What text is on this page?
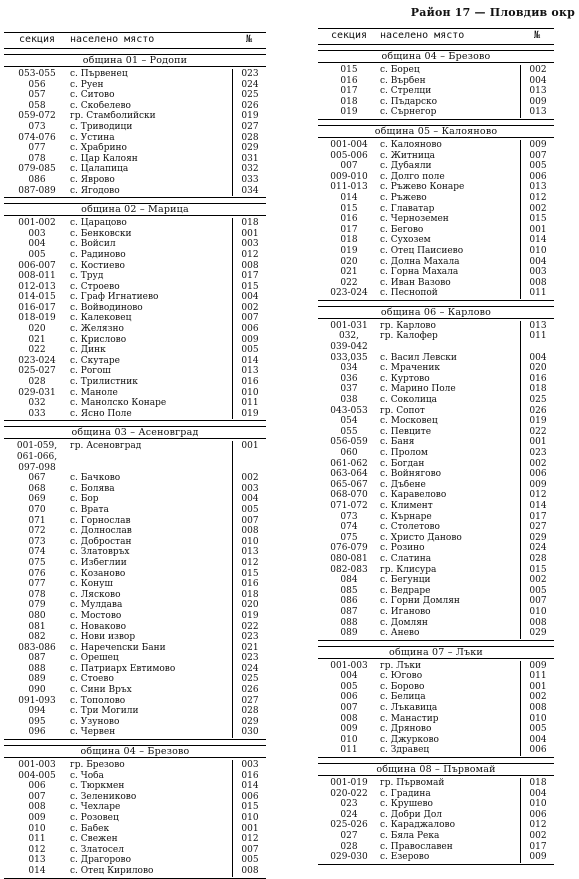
Район 17 — Пловдив окр
секция	населено място	№
община 01 – Родопи
053-055	с. Първенец	023
056	с. Руен	024
057	с. Ситово	025
058	с. Скобелево	026
059-072	гр. Стамболийски	019
073	с. Триводици	027
074-076	с. Устина	028
077	с. Храбрино	029
078	с. Цар Калоян	031
079-085	с. Цалапица	032
086	с. Яврово	033
087-089	с. Ягодово	034
община 02 – Марица
001-002	с. Царацово	018
003	с. Бенковски	001
004	с. Войсил	003
005	с. Радиново	012
006-007	с. Костиево	008
008-011	с. Труд	017
012-013	с. Строево	015
014-015	с. Граф Игнатиево	004
016-017	с. Войводиново	002
018-019	с. Калековец	007
020	с. Желязно	006
021	с. Крислово	009
022	с. Динк	005
023-024	с. Скутаре	014
025-027	с. Рогош	013
028	с. Трилистник	016
029-031	с. Маноле	010
032	с. Манолско Конаре	011
033	с. Ясно Поле	019
община 03 – Асеновград
001-059,	гр. Асеновград	001
061-066,
097-098
067	с. Бачково	002
068	с. Болява	003
069	с. Бор	004
070	с. Врата	005
071	с. Горнослав	007
072	с. Долнослав	008
073	с. Добростан	010
074	с. Златовръх	013
075	с. Избеглии	012
076	с. Козаново	015
077	с. Конуш	016
078	с. Лясково	018
079	с. Мулдава	020
080	с. Мостово	019
081	с. Новаково	022
082	с. Нови извор	023
083-086	с. Наречenски Бани	021
087	с. Орешец	023
088	с. Патриарх Евтимово	024
089	с. Стоево	025
090	с. Сини Връх	026
091-093	с. Тополово	027
094	с. Три Могили	028
095	с. Узуново	029
096	с. Червен	030
община 04 – Брезово
001-003	гр. Брезово	003
004-005	с. Чоба	016
006	с. Тюркмен	014
007	с. Зелениково	006
008	с. Чехларе	015
009	с. Розовец	010
010	с. Бабек	001
011	с. Свежен	012
012	с. Златосел	007
013	с. Драгорово	005
014	с. Отец Кирилово	008
секция	населено място	№
община 04 – Брезово
015	с. Борец	002
016	с. Върбен	004
017	с. Стрелци	013
018	с. Пъдарско	009
019	с. Сърнегор	013
община 05 – Калояново
001-004	с. Калояново	009
005-006	с. Житница	007
007	с. Дубаяли	005
009-010	с. Долго поле	006
011-013	с. Ръжево Конаре	013
014	с. Ръжево	012
015	с. Главатар	002
016	с. Черноземен	015
017	с. Бегово	001
018	с. Сухозем	014
019	с. Отец Паисиево	010
020	с. Долна Махала	004
021	с. Горна Махала	003
022	с. Иван Вазово	008
023-024	с. Песнопой	011
община 06 – Карлово
001-031	гр. Карлово	013
032,	гр. Калофер	011
039-042
033,035	с. Васил Левски	004
034	с. Мраченик	020
036	с. Куртово	016
037	с. Марино Поле	018
038	с. Соколица	025
043-053	гр. Сопот	026
054	с. Московец	019
055	с. Певците	022
056-059	с. Баня	001
060	с. Пролом	023
061-062	с. Богдан	002
063-064	с. Войнягово	006
065-067	с. Дъбене	009
068-070	с. Каравелово	012
071-072	с. Климент	014
073	с. Кърнаре	017
074	с. Столетово	027
075	с. Христо Даново	029
076-079	с. Розино	024
080-081	с. Слатина	028
082-083	гр. Клисура	015
084	с. Бегунци	002
085	с. Ведраре	005
086	с. Горни Домлян	007
087	с. Иганово	010
088	с. Домлян	008
089	с. Анево	029
община 07 – Лъки
001-003	гр. Лъки	009
004	с. Югово	011
005	с. Борово	001
006	с. Белица	002
007	с. Лъкавица	008
008	с. Манастир	010
009	с. Дряново	005
010	с. Джурково	004
011	с. Здравец	006
община 08 – Първомай
001-019	гр. Първомай	018
020-022	с. Градина	004
023	с. Крушево	010
024	с. Добри Дол	006
025-026	с. Караджалово	012
027	с. Бяла Река	002
028	с. Православен	017
029-030	с. Езерово	009
